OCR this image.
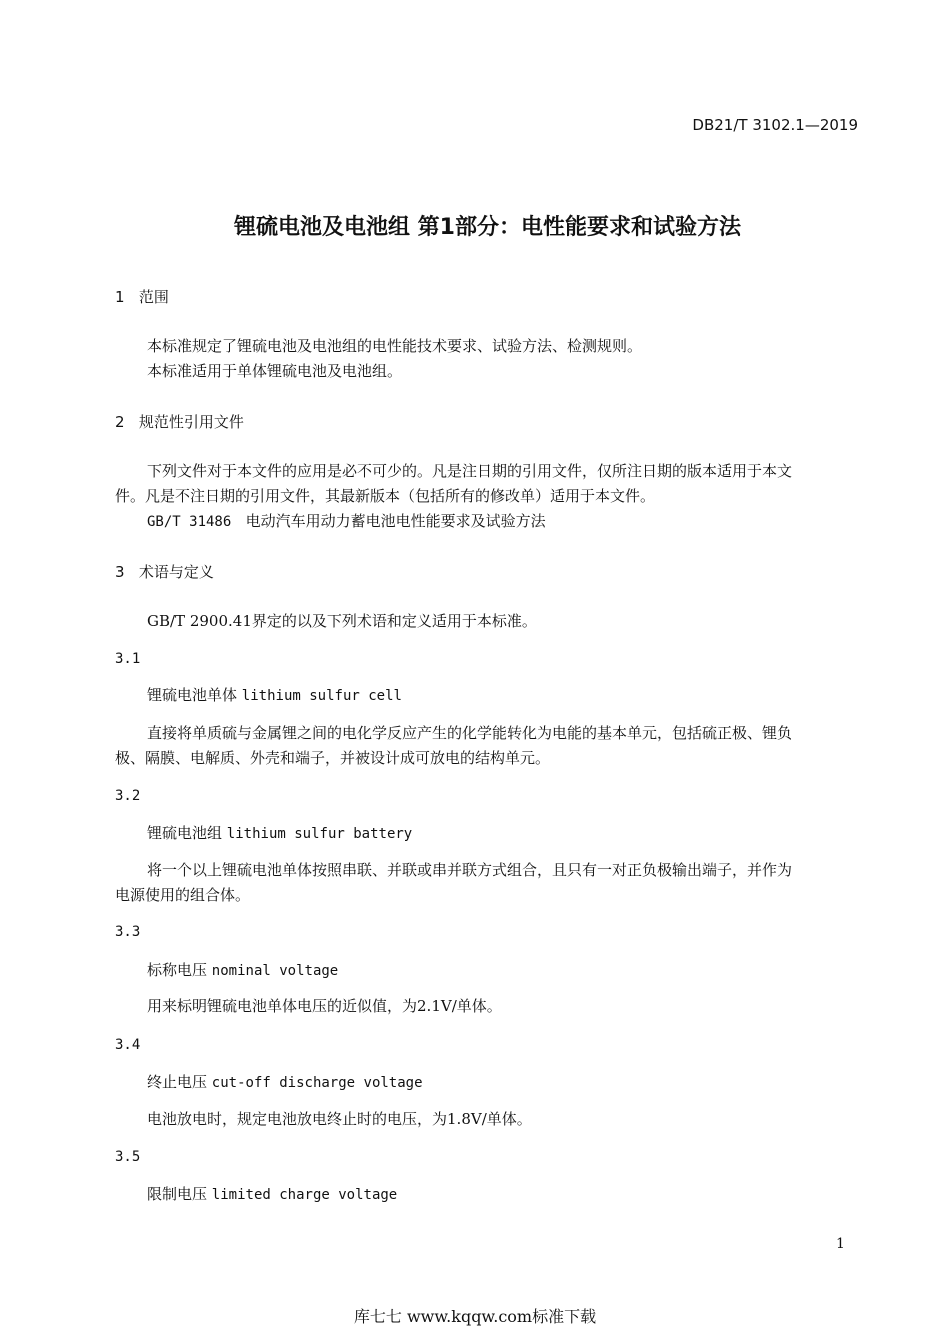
DB21/T 3102.1—2019
锂硫电池及电池组 第1部分：电性能要求和试验方法
1 范围
本标准规定了锂硫电池及电池组的电性能技术要求、试验方法、检测规则。
本标准适用于单体锂硫电池及电池组。
2 规范性引用文件
下列文件对于本文件的应用是必不可少的。凡是注日期的引用文件，仅所注日期的版本适用于本文
件。凡是不注日期的引用文件，其最新版本（包括所有的修改单）适用于本文件。
GB/T 31486 电动汽车用动力蓄电池电性能要求及试验方法
3 术语与定义
GB/T 2900.41界定的以及下列术语和定义适用于本标准。
3.1
锂硫电池单体 lithium sulfur cell
直接将单质硫与金属锂之间的电化学反应产生的化学能转化为电能的基本单元，包括硫正极、锂负
极、隔膜、电解质、外壳和端子，并被设计成可放电的结构单元。
3.2
锂硫电池组 lithium sulfur battery
将一个以上锂硫电池单体按照串联、并联或串并联方式组合，且只有一对正负极输出端子，并作为
电源使用的组合体。
3.3
标称电压 nominal voltage
用来标明锂硫电池单体电压的近似值，为2.1V/单体。
3.4
终止电压 cut-off discharge voltage
电池放电时，规定电池放电终止时的电压，为1.8V/单体。
3.5
限制电压 limited charge voltage
1
库七七 www.kqqw.com标准下载
